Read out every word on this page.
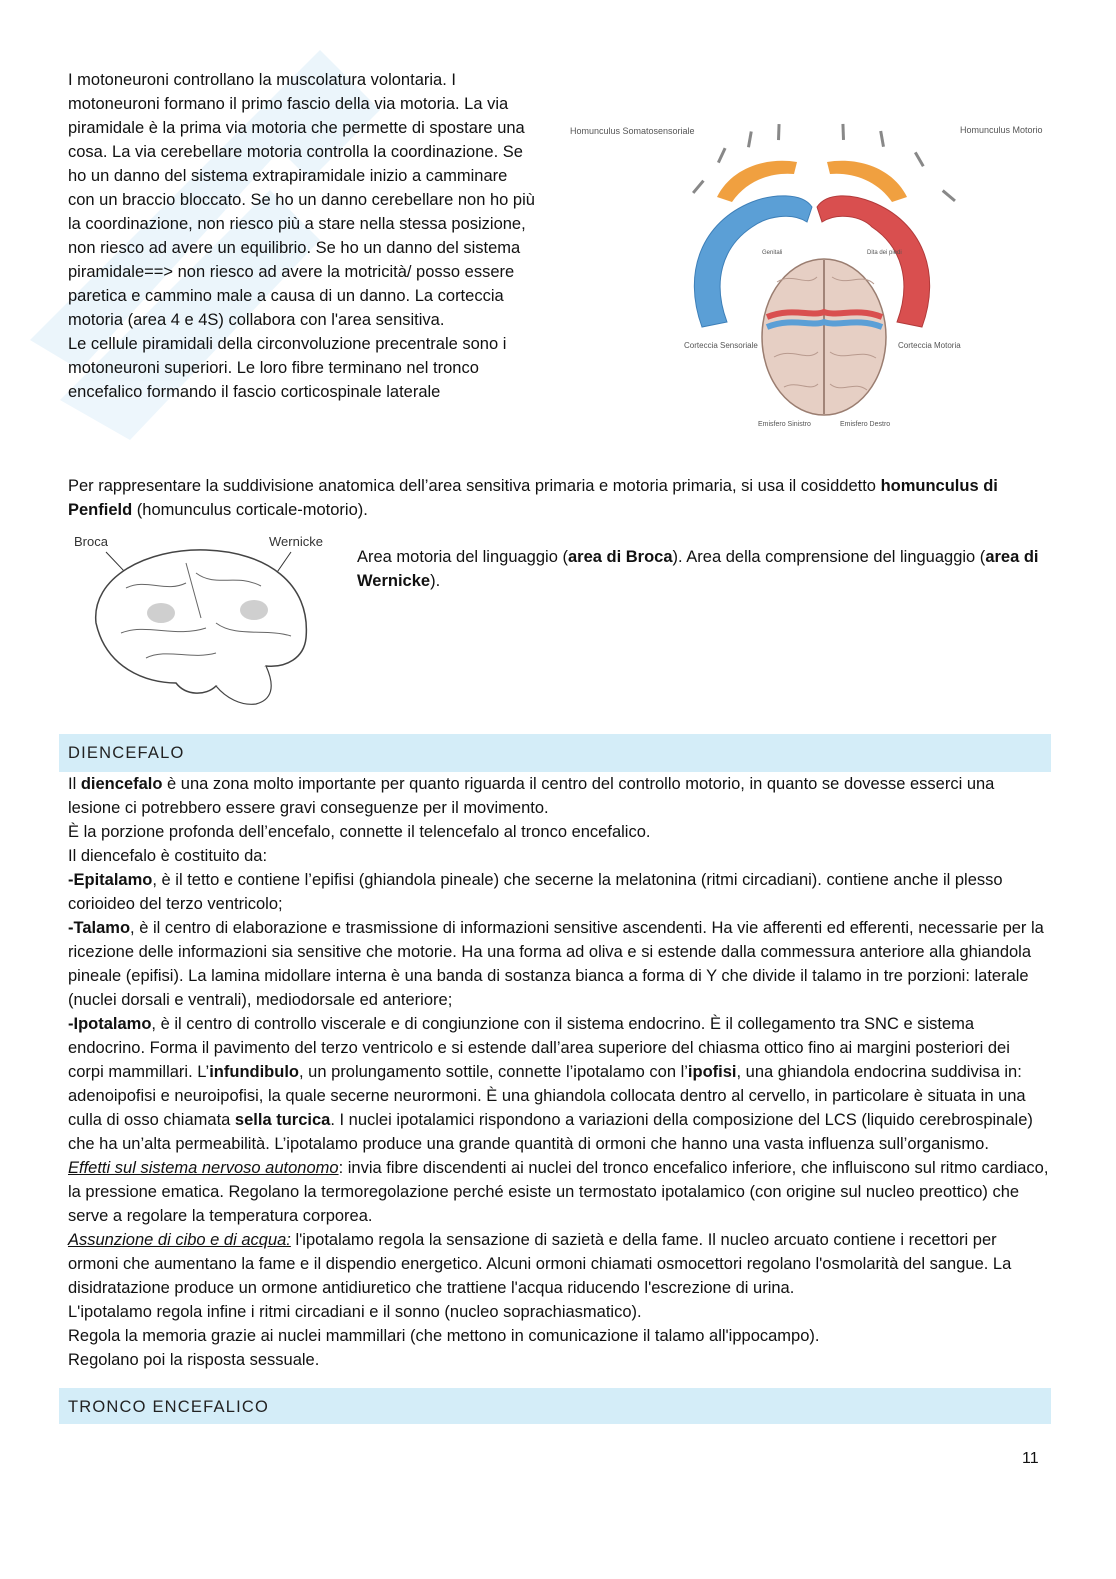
I motoneuroni controllano la muscolatura volontaria. I motoneuroni formano il primo fascio della via motoria. La via piramidale è la prima via motoria che permette di spostare una cosa. La via cerebellare motoria controlla la coordinazione. Se ho un danno del sistema extrapiramidale inizio a camminare con un braccio bloccato. Se ho un danno cerebellare non ho più la coordinazione, non riesco più a stare nella stessa posizione, non riesco ad avere un equilibrio. Se ho un danno del sistema piramidale==> non riesco ad avere la motricità/ posso essere paretica e cammino male a causa di un danno. La corteccia motoria (area 4 e 4S) collabora con l'area sensitiva.
Le cellule piramidali della circonvoluzione precentrale sono i motoneuroni superiori. Le loro fibre terminano nel tronco encefalico formando il fascio corticospinale laterale
Homunculus Somatosensoriale	Homunculus Motorio
Genitali	Dita dei piedi
Corteccia Sensoriale	Corteccia Motoria
Emisfero Sinistro	Emisfero Destro

Per rappresentare la suddivisione anatomica dell’area sensitiva primaria e motoria primaria, si usa il cosiddetto homunculus di Penfield (homunculus corticale-motorio).

Broca	Wernicke

Area motoria del linguaggio (area di Broca). Area della comprensione del linguaggio (area di Wernicke).

DIENCEFALO
Il diencefalo è una zona molto importante per quanto riguarda il centro del controllo motorio, in quanto se dovesse esserci una lesione ci potrebbero essere gravi conseguenze per il movimento.
È la porzione profonda dell’encefalo, connette il telencefalo al tronco encefalico.
Il diencefalo è costituito da:
-Epitalamo, è il tetto e contiene l’epifisi (ghiandola pineale) che secerne la melatonina (ritmi circadiani). contiene anche il plesso corioideo del terzo ventricolo;
-Talamo, è il centro di elaborazione e trasmissione di informazioni sensitive ascendenti. Ha vie afferenti ed efferenti, necessarie per la ricezione delle informazioni sia sensitive che motorie. Ha una forma ad oliva e si estende dalla commessura anteriore alla ghiandola pineale (epifisi). La lamina midollare interna è una banda di sostanza bianca a forma di Y che divide il talamo in tre porzioni: laterale (nuclei dorsali e ventrali), mediodorsale ed anteriore;
-Ipotalamo, è il centro di controllo viscerale e di congiunzione con il sistema endocrino. È il collegamento tra SNC e sistema endocrino. Forma il pavimento del terzo ventricolo e si estende dall’area superiore del chiasma ottico fino ai margini posteriori dei corpi mammillari. L’infundibulo, un prolungamento sottile, connette l’ipotalamo con l’ipofisi, una ghiandola endocrina suddivisa in: adenoipofisi e neuroipofisi, la quale secerne neurormoni. È una ghiandola collocata dentro al cervello, in particolare è situata in una culla di osso chiamata sella turcica. I nuclei ipotalamici rispondono a variazioni della composizione del LCS (liquido cerebrospinale) che ha un’alta permeabilità. L’ipotalamo produce una grande quantità di ormoni che hanno una vasta influenza sull’organismo.
Effetti sul sistema nervoso autonomo: invia fibre discendenti ai nuclei del tronco encefalico inferiore, che influiscono sul ritmo cardiaco, la pressione ematica. Regolano la termoregolazione perché esiste un termostato ipotalamico (con origine sul nucleo preottico) che serve a regolare la temperatura corporea.
Assunzione di cibo e di acqua: l'ipotalamo regola la sensazione di sazietà e della fame. Il nucleo arcuato contiene i recettori per ormoni che aumentano la fame e il dispendio energetico. Alcuni ormoni chiamati osmocettori regolano l'osmolarità del sangue. La disidratazione produce un ormone antidiuretico che trattiene l'acqua riducendo l'escrezione di urina.
L'ipotalamo regola infine i ritmi circadiani e il sonno (nucleo soprachiasmatico).
Regola la memoria grazie ai nuclei mammillari (che mettono in comunicazione il talamo all'ippocampo).
Regolano poi la risposta sessuale.
TRONCO ENCEFALICO
11
